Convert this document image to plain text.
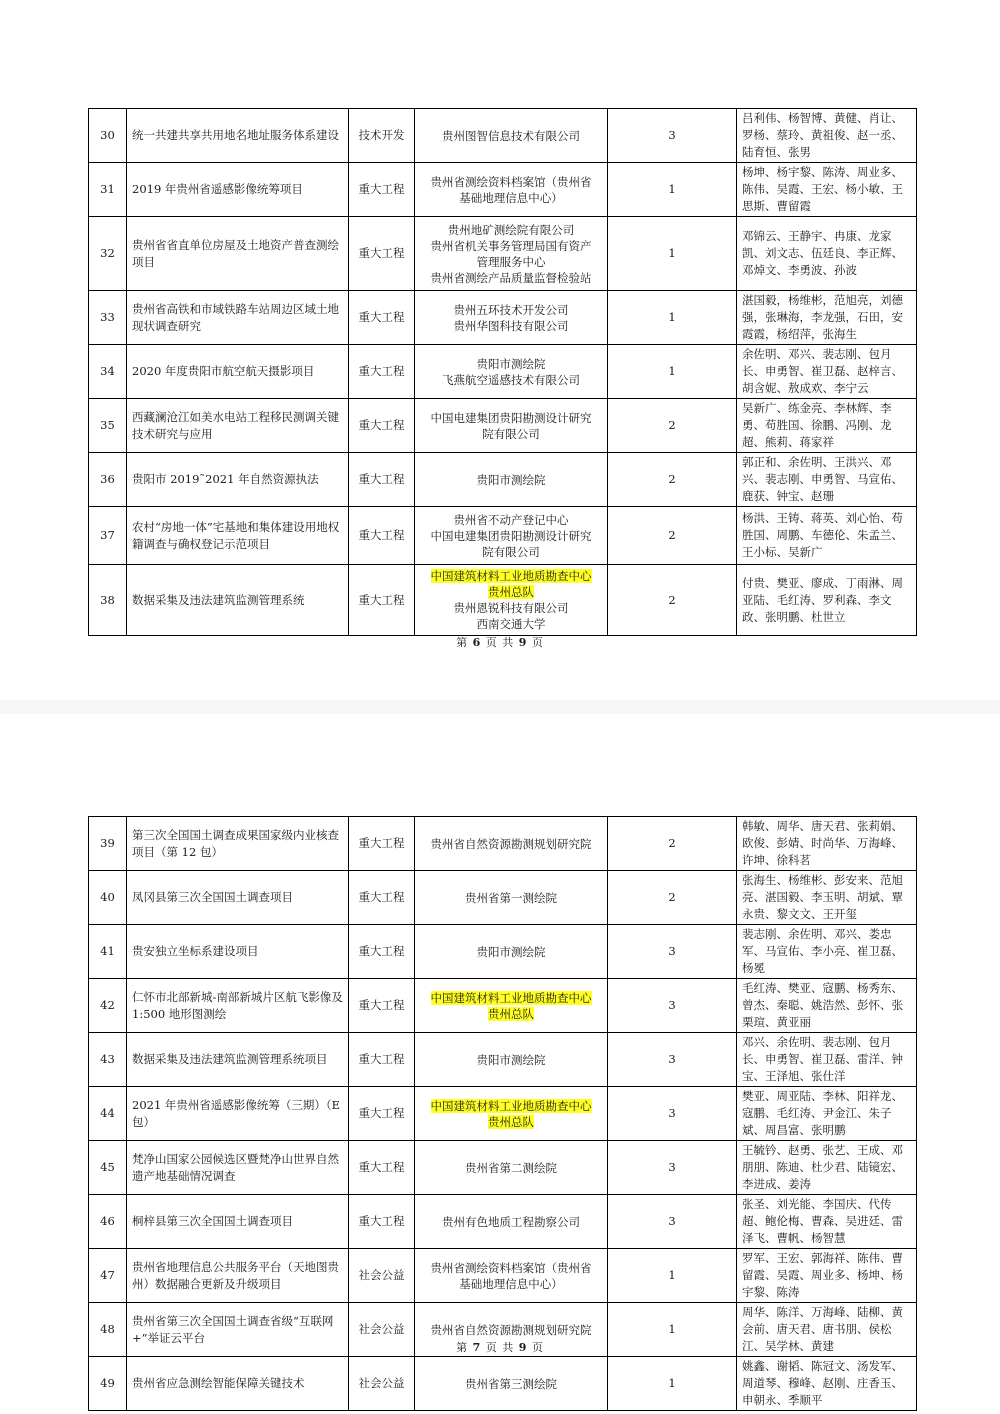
30	统一共建共享共用地名地址服务体系建设	技术开发	贵州图智信息技术有限公司	3	吕利伟、杨智博、黄健、肖让、罗杨、蔡玲、黄祖俊、赵一丞、陆育恒、张男
31	2019 年贵州省遥感影像统筹项目	重大工程	贵州省测绘资料档案馆（贵州省
基础地理信息中心）	1	杨坤、杨宇黎、陈涛、周业多、陈伟、吴霞、王宏、杨小敏、王思斯、曹留霞
32	贵州省省直单位房屋及土地资产普查测绘项目	重大工程	贵州地矿测绘院有限公司
贵州省机关事务管理局国有资产
管理服务中心
贵州省测绘产品质量监督检验站	1	邓锦云、王静宇、冉康、龙家凯、刘文志、伍廷良、李正辉、邓焯文、李勇波、孙波
33	贵州省高铁和市域铁路车站周边区域土地现状调查研究	重大工程	贵州五环技术开发公司
贵州华图科技有限公司	1	湛国毅，杨维彬，范旭亮，刘德强，张琳海，李龙强，石田，安霞霞，杨绍萍，张海生
34	2020 年度贵阳市航空航天摄影项目	重大工程	贵阳市测绘院
飞燕航空遥感技术有限公司	1	余佐明、邓兴、裴志刚、包月长、申勇智、崔卫磊、赵梓言、胡含妮、敖成欢、李宁云
35	西藏澜沧江如美水电站工程移民测调关键技术研究与应用	重大工程	中国电建集团贵阳勘测设计研究
院有限公司	2	吴新广、练金亮、李林辉、李勇、苟胜国、徐鹏、冯刚、龙超、熊莉、蒋家祥
36	贵阳市 2019˜2021 年自然资源执法	重大工程	贵阳市测绘院	2	郭正和、余佐明、王洪兴、邓兴、裴志刚、申勇智、马宣佑、鹿获、钟宝、赵珊
37	农村“房地一体”宅基地和集体建设用地权籍调查与确权登记示范项目	重大工程	贵州省不动产登记中心
中国电建集团贵阳勘测设计研究
院有限公司	2	杨洪、王铸、蒋英、刘心怡、苟胜国、周鹏、车德伦、朱孟兰、王小标、吴新广
38	数据采集及违法建筑监测管理系统	重大工程	中国建筑材料工业地质勘查中心
贵州总队
贵州恩锐科技有限公司
西南交通大学	2	付贵、樊亚、廖成、丁雨淋、周亚陆、毛红涛、罗利森、李文政、张明鹏、杜世立
第 6 页 共 9 页
39	第三次全国国土调查成果国家级内业核查项目（第 12 包）	重大工程	贵州省自然资源勘测规划研究院	2	韩敏、周华、唐天君、张莉娟、欧俊、彭婧、时尚华、万海峰、许坤、徐科茗
40	凤冈县第三次全国国土调查项目	重大工程	贵州省第一测绘院	2	张海生、杨维彬、彭安来、范旭亮、湛国毅、李玉明、胡斌、覃永贵、黎文文、王开玺
41	贵安独立坐标系建设项目	重大工程	贵阳市测绘院	3	裴志刚、余佐明、邓兴、娄忠军、马宣佑、李小亮、崔卫磊、杨冕
42	仁怀市北部新城-南部新城片区航飞影像及 1:500 地形图测绘	重大工程	中国建筑材料工业地质勘查中心
贵州总队	3	毛红涛、樊亚、寇鹏、杨秀东、曾杰、秦聪、姚浩然、彭怀、张栗瑄、黄亚丽
43	数据采集及违法建筑监测管理系统项目	重大工程	贵阳市测绘院	3	邓兴、余佐明、裴志刚、包月长、申勇智、崔卫磊、雷洋、钟宝、王泽旭、张仕洋
44	2021 年贵州省遥感影像统筹（三期）（E 包）	重大工程	中国建筑材料工业地质勘查中心
贵州总队	3	樊亚、周亚陆、李林、阳祥龙、寇鹏、毛红涛、尹金江、朱子斌、周昌富、张明鹏
45	梵净山国家公园候选区暨梵净山世界自然遗产地基础情况调查	重大工程	贵州省第二测绘院	3	王毓钤、赵勇、张艺、王成、邓朋朋、陈迪、杜少君、陆镜宏、李进成、姜涛
46	桐梓县第三次全国国土调查项目	重大工程	贵州有色地质工程勘察公司	3	张圣、刘光能、李国庆、代传超、鲍伦梅、曹森、吴进廷、雷泽飞、曹帆、杨智慧
47	贵州省地理信息公共服务平台（天地图贵州）数据融合更新及升级项目	社会公益	贵州省测绘资料档案馆（贵州省
基础地理信息中心）	1	罗军、王宏、郭海祥、陈伟、曹留霞、吴霞、周业多、杨坤、杨宇黎、陈涛
48	贵州省第三次全国国土调查省级“互联网+”举证云平台	社会公益	贵州省自然资源勘测规划研究院	1	周华、陈洋、万海峰、陆柳、黄会前、唐天君、唐书朋、侯松江、吴学林、黄建
49	贵州省应急测绘智能保障关键技术	社会公益	贵州省第三测绘院	1	姚鑫、谢韬、陈冠文、汤发军、周道琴、穆峰、赵刚、庄香玉、申朝永、季顺平
第 7 页 共 9 页
